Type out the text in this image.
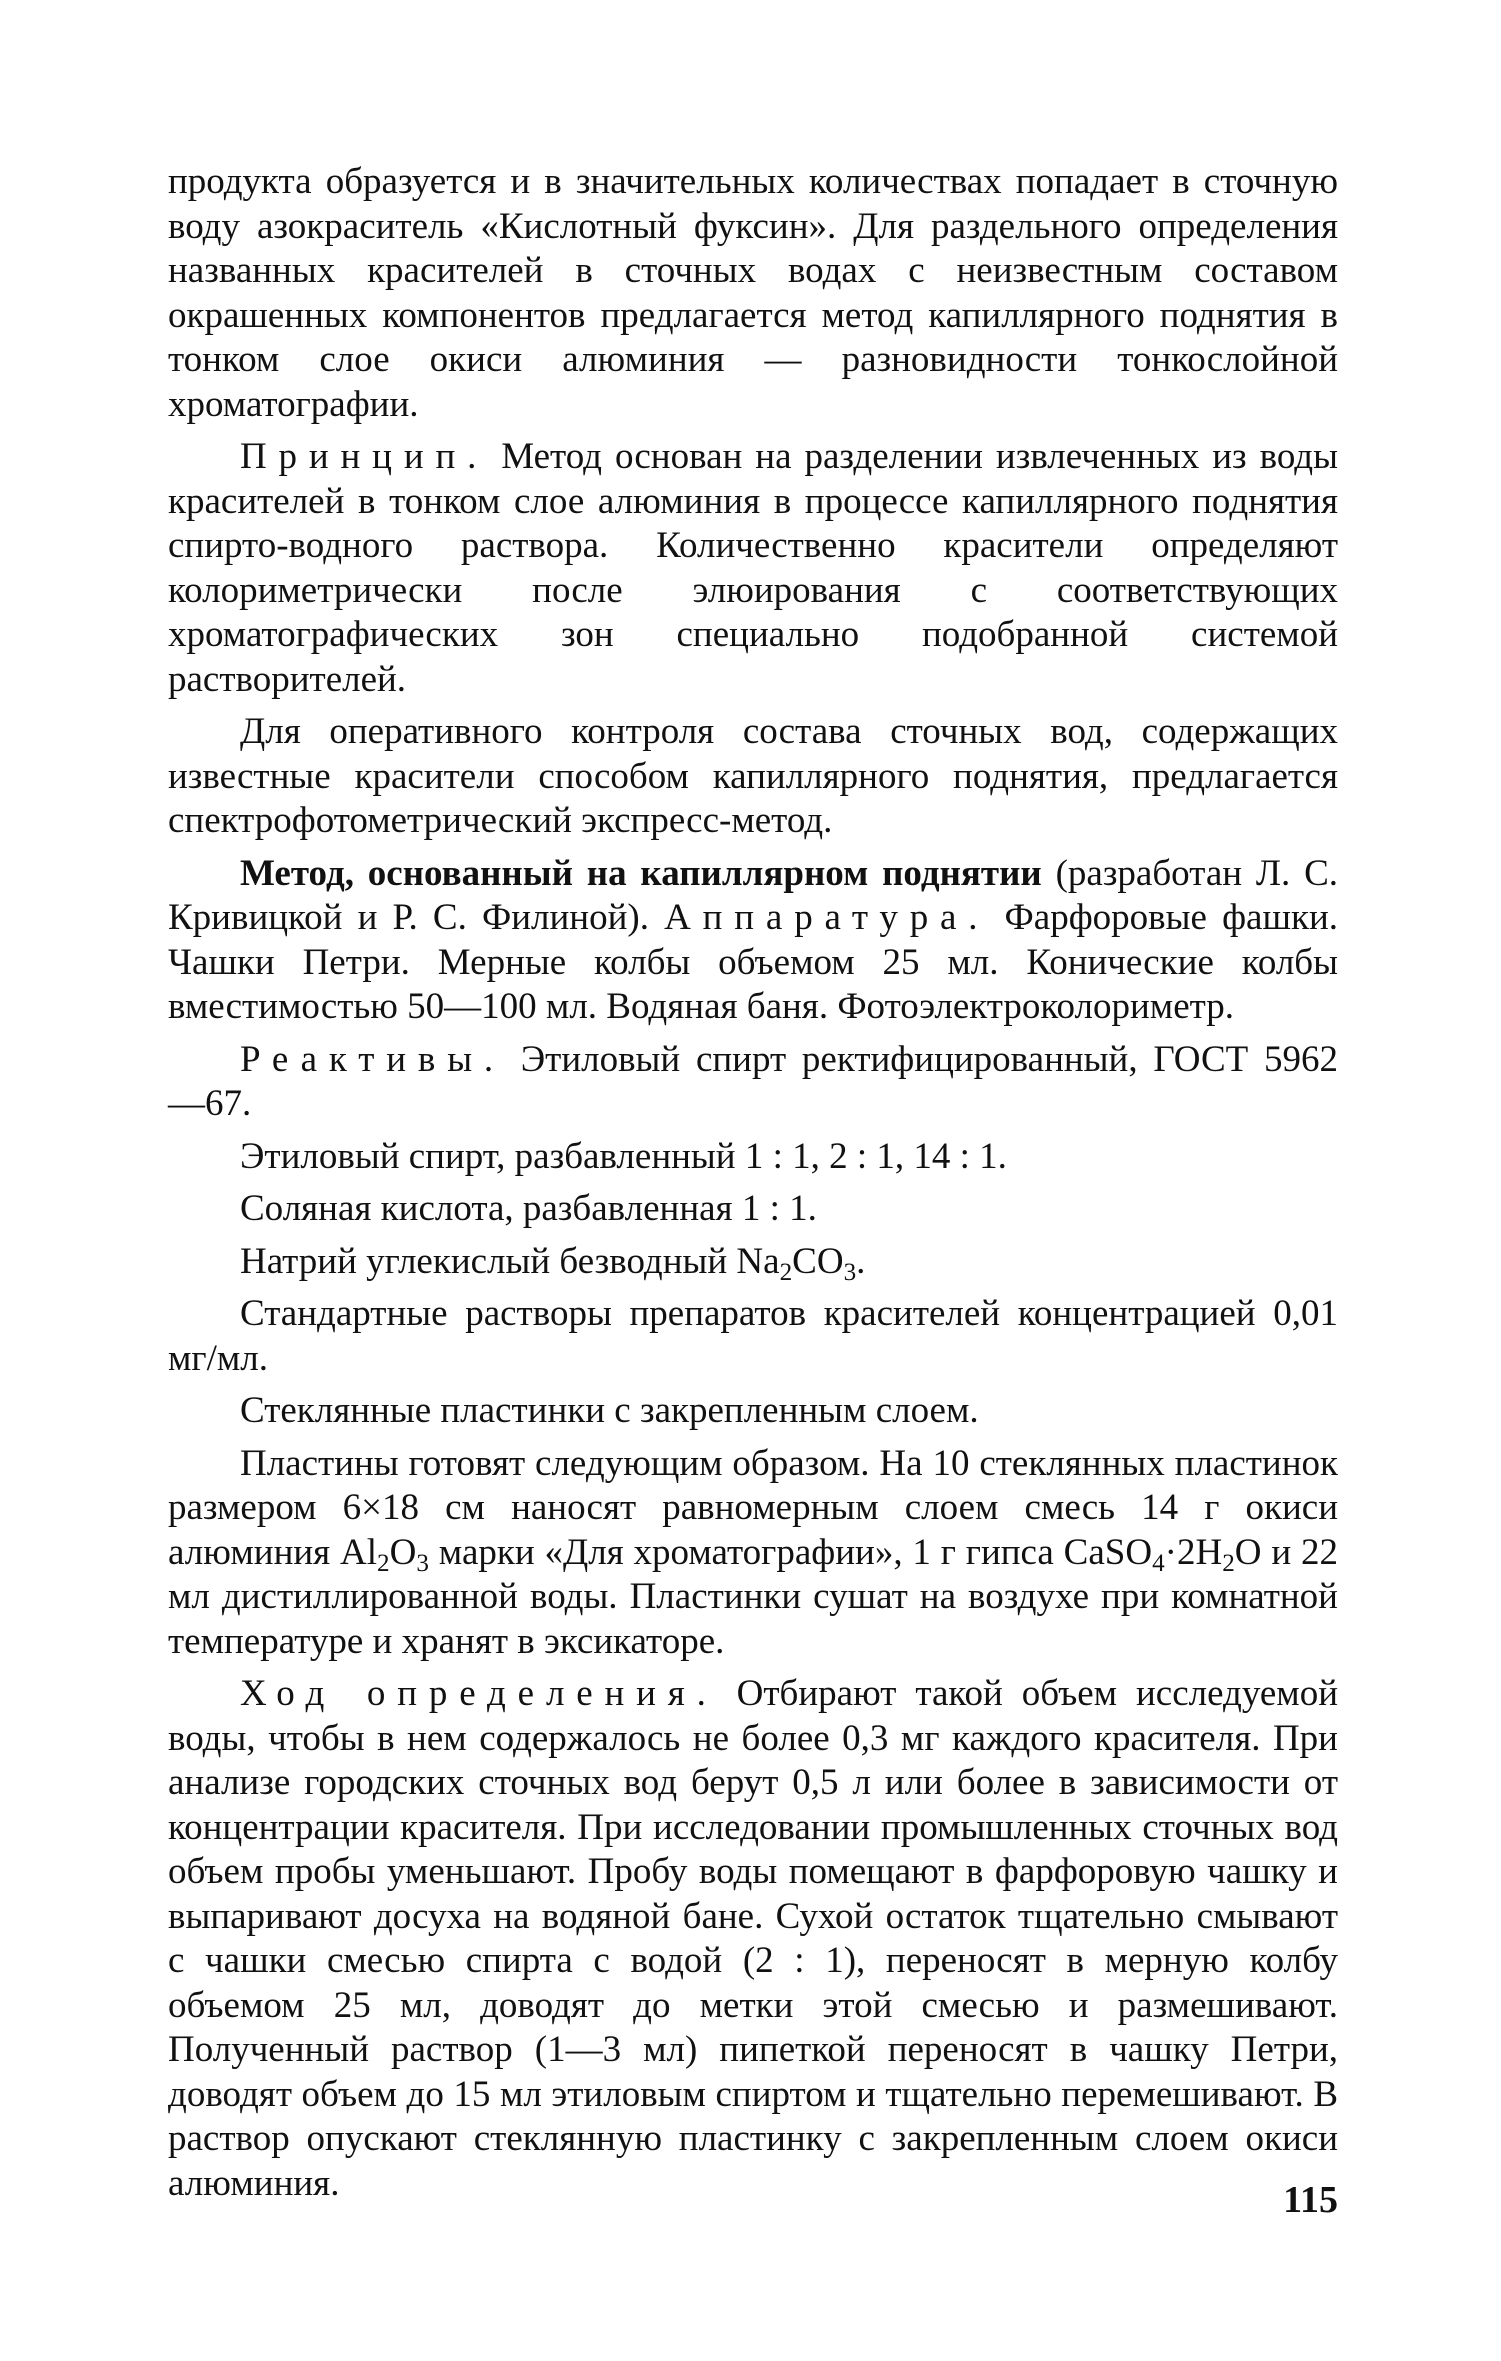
продукта образуется и в значительных количествах попадает в сточную воду азокраситель «Кислотный фуксин». Для раздельного определения названных красителей в сточных водах с неизвестным составом окрашенных компонентов предлагается метод капиллярного поднятия в тонком слое окиси алюминия — разновидности тонкослойной хроматографии.

Принцип. Метод основан на разделении извлеченных из воды красителей в тонком слое алюминия в процессе капиллярного поднятия спирто-водного раствора. Количественно красители определяют колориметрически после элюирования с соответствующих хроматографических зон специально подобранной системой растворителей.

Для оперативного контроля состава сточных вод, содержащих известные красители способом капиллярного поднятия, предлагается спектрофотометрический экспресс-метод.

Метод, основанный на капиллярном поднятии (разработан Л. С. Кривицкой и Р. С. Филиной). Аппаратура. Фарфоровые фашки. Чашки Петри. Мерные колбы объемом 25 мл. Конические колбы вместимостью 50—100 мл. Водяная баня. Фотоэлектроколориметр.

Реактивы. Этиловый спирт ректифицированный, ГОСТ 5962—67.

Этиловый спирт, разбавленный 1 : 1, 2 : 1, 14 : 1.

Соляная кислота, разбавленная 1 : 1.

Натрий углекислый безводный $Na_2CO_3$.

Стандартные растворы препаратов красителей концентрацией 0,01 мг/мл.

Стеклянные пластинки с закрепленным слоем.

Пластины готовят следующим образом. На 10 стеклянных пластинок размером 6×18 см наносят равномерным слоем смесь 14 г окиси алюминия $Al_2O_3$ марки «Для хроматографии», 1 г гипса $CaSO_4\cdot 2H_2O$ и 22 мл дистиллированной воды. Пластинки сушат на воздухе при комнатной температуре и хранят в эксикаторе.

Ход определения. Отбирают такой объем исследуемой воды, чтобы в нем содержалось не более 0,3 мг каждого красителя. При анализе городских сточных вод берут 0,5 л или более в зависимости от концентрации красителя. При исследовании промышленных сточных вод объем пробы уменьшают. Пробу воды помещают в фарфоровую чашку и выпаривают досуха на водяной бане. Сухой остаток тщательно смывают с чашки смесью спирта с водой (2 : 1), переносят в мерную колбу объемом 25 мл, доводят до метки этой смесью и размешивают. Полученный раствор (1—3 мл) пипеткой переносят в чашку Петри, доводят объем до 15 мл этиловым спиртом и тщательно перемешивают. В раствор опускают стеклянную пластинку с закрепленным слоем окиси алюминия.	115
